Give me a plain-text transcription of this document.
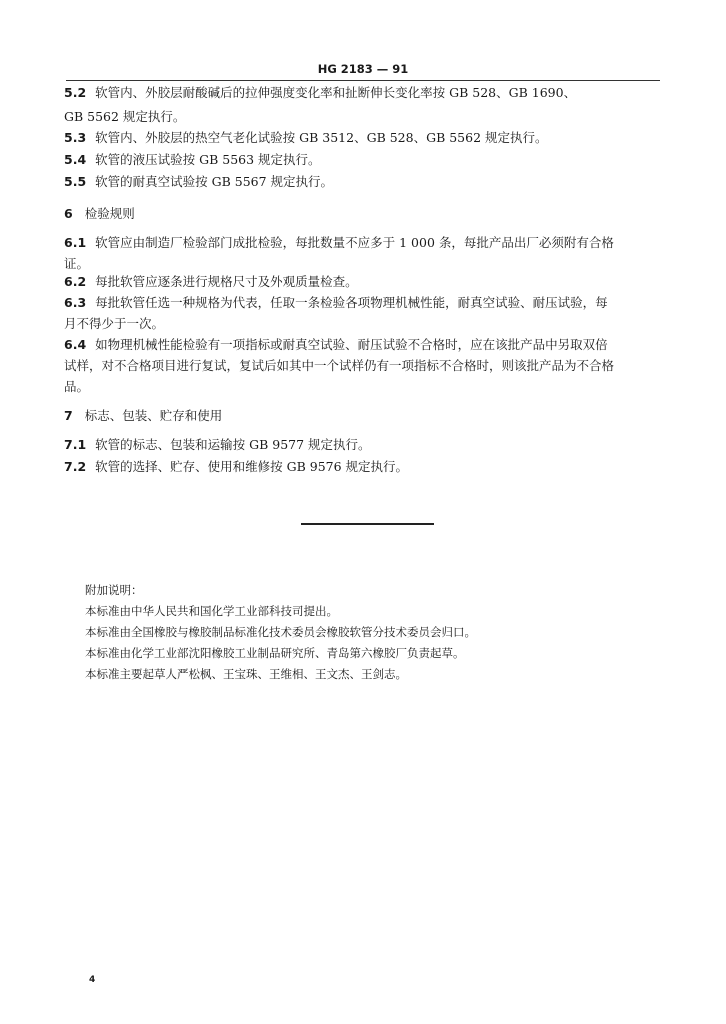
HG 2183 — 91
5.2 软管内、外胶层耐酸碱后的拉伸强度变化率和扯断伸长变化率按 GB 528、GB 1690、
GB 5562 规定执行。
5.3 软管内、外胶层的热空气老化试验按 GB 3512、GB 528、GB 5562 规定执行。
5.4 软管的液压试验按 GB 5563 规定执行。
5.5 软管的耐真空试验按 GB 5567 规定执行。
6 检验规则
6.1 软管应由制造厂检验部门成批检验，每批数量不应多于 1 000 条，每批产品出厂必须附有合格
证。
6.2 每批软管应逐条进行规格尺寸及外观质量检查。
6.3 每批软管任选一种规格为代表，任取一条检验各项物理机械性能，耐真空试验、耐压试验，每
月不得少于一次。
6.4 如物理机械性能检验有一项指标或耐真空试验、耐压试验不合格时，应在该批产品中另取双倍
试样，对不合格项目进行复试，复试后如其中一个试样仍有一项指标不合格时，则该批产品为不合格
品。
7 标志、包装、贮存和使用
7.1 软管的标志、包装和运输按 GB 9577 规定执行。
7.2 软管的选择、贮存、使用和维修按 GB 9576 规定执行。
附加说明：
本标准由中华人民共和国化学工业部科技司提出。
本标准由全国橡胶与橡胶制品标准化技术委员会橡胶软管分技术委员会归口。
本标准由化学工业部沈阳橡胶工业制品研究所、青岛第六橡胶厂负责起草。
本标准主要起草人严松枫、王宝珠、王维相、王文杰、王剑志。
4
